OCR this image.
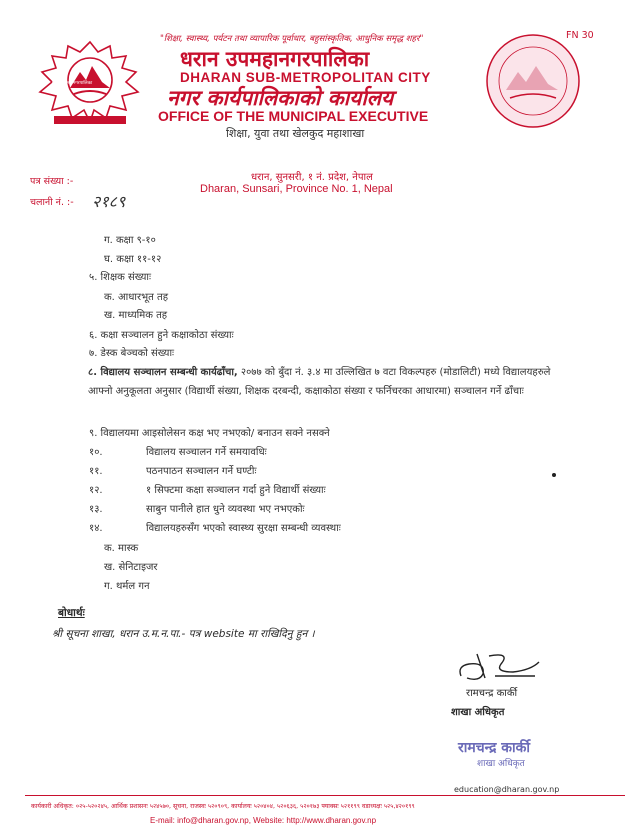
धरान उपमहानगरपालिका
"शिक्षा, स्वास्थ्य, पर्यटन तथा व्यापारिक पूर्वाधार, बहुसांस्कृतिक, आधुनिक समृद्ध शहर"	FN 30
धरान उपमहानगरपालिका
DHARAN SUB-METROPOLITAN CITY
नगर कार्यपालिकाको कार्यालय
OFFICE OF THE MUNICIPAL EXECUTIVE
शिक्षा, युवा तथा खेलकुद महाशाखा
पत्र संख्या :-
चलानी नं. :- २१८९
धरान, सुनसरी, १ नं. प्रदेश, नेपाल
Dharan, Sunsari, Province No. 1, Nepal
ग. कक्षा ९-१०
घ. कक्षा ११-१२
५. शिक्षक संख्याः
क. आधारभूत तह
ख. माध्यमिक तह
६. कक्षा सञ्चालन हुने कक्षाकोठा संख्याः
७. डेस्क बेञ्चको संख्याः
८. विद्यालय सञ्चालन सम्बन्धी कार्यढाँचा, २०७७ को बुँदा नं. ३.४ मा उल्लिखित ७ वटा विकल्पहरु (मोडालिटी) मध्ये विद्यालयहरुले आफ्नो अनुकूलता अनुसार (विद्यार्थी संख्या, शिक्षक दरबन्दी, कक्षाकोठा संख्या र फर्निचरका आधारमा) सञ्चालन गर्ने ढाँचाः
९. विद्यालयमा आइसोलेसन कक्ष भए नभएको/ बनाउन सक्ने नसक्ने
१०.	विद्यालय सञ्चालन गर्ने समयावधिः
११.	पठनपाठन सञ्चालन गर्ने घण्टीः
१२.	१ सिफ्टमा कक्षा सञ्चालन गर्दा हुने विद्यार्थी संख्याः
१३.	साबुन पानीले हात धुने व्यवस्था भए नभएकोः
१४.	विद्यालयहरुसँग भएको स्वास्थ्य सुरक्षा सम्बन्धी व्यवस्थाः
क. मास्क
ख. सेनिटाइजर
ग. थर्मल गन
बोधार्थः
श्री सूचना शाखा, धरान उ.म.न.पा.- पत्र website मा राखिदिनु हुन ।
रामचन्द्र कार्की
शाखा अधिकृत
रामचन्द्र कार्की
शाखा अधिकृत
education@dharan.gov.np
कार्यकारी अधिकृत: ०२५-५२०२४५, आर्थिक प्रशासनः ५२४५७०, सूचना, राजस्वः ५२०९०९, कार्यालयः ५२०४०४, ५२०६३६, ५२०१७३ फ्याक्सः ५२११९९ वडाध्यक्षः ५२५,४२०१९९
E-mail: info@dharan.gov.np, Website: http://www.dharan.gov.np
